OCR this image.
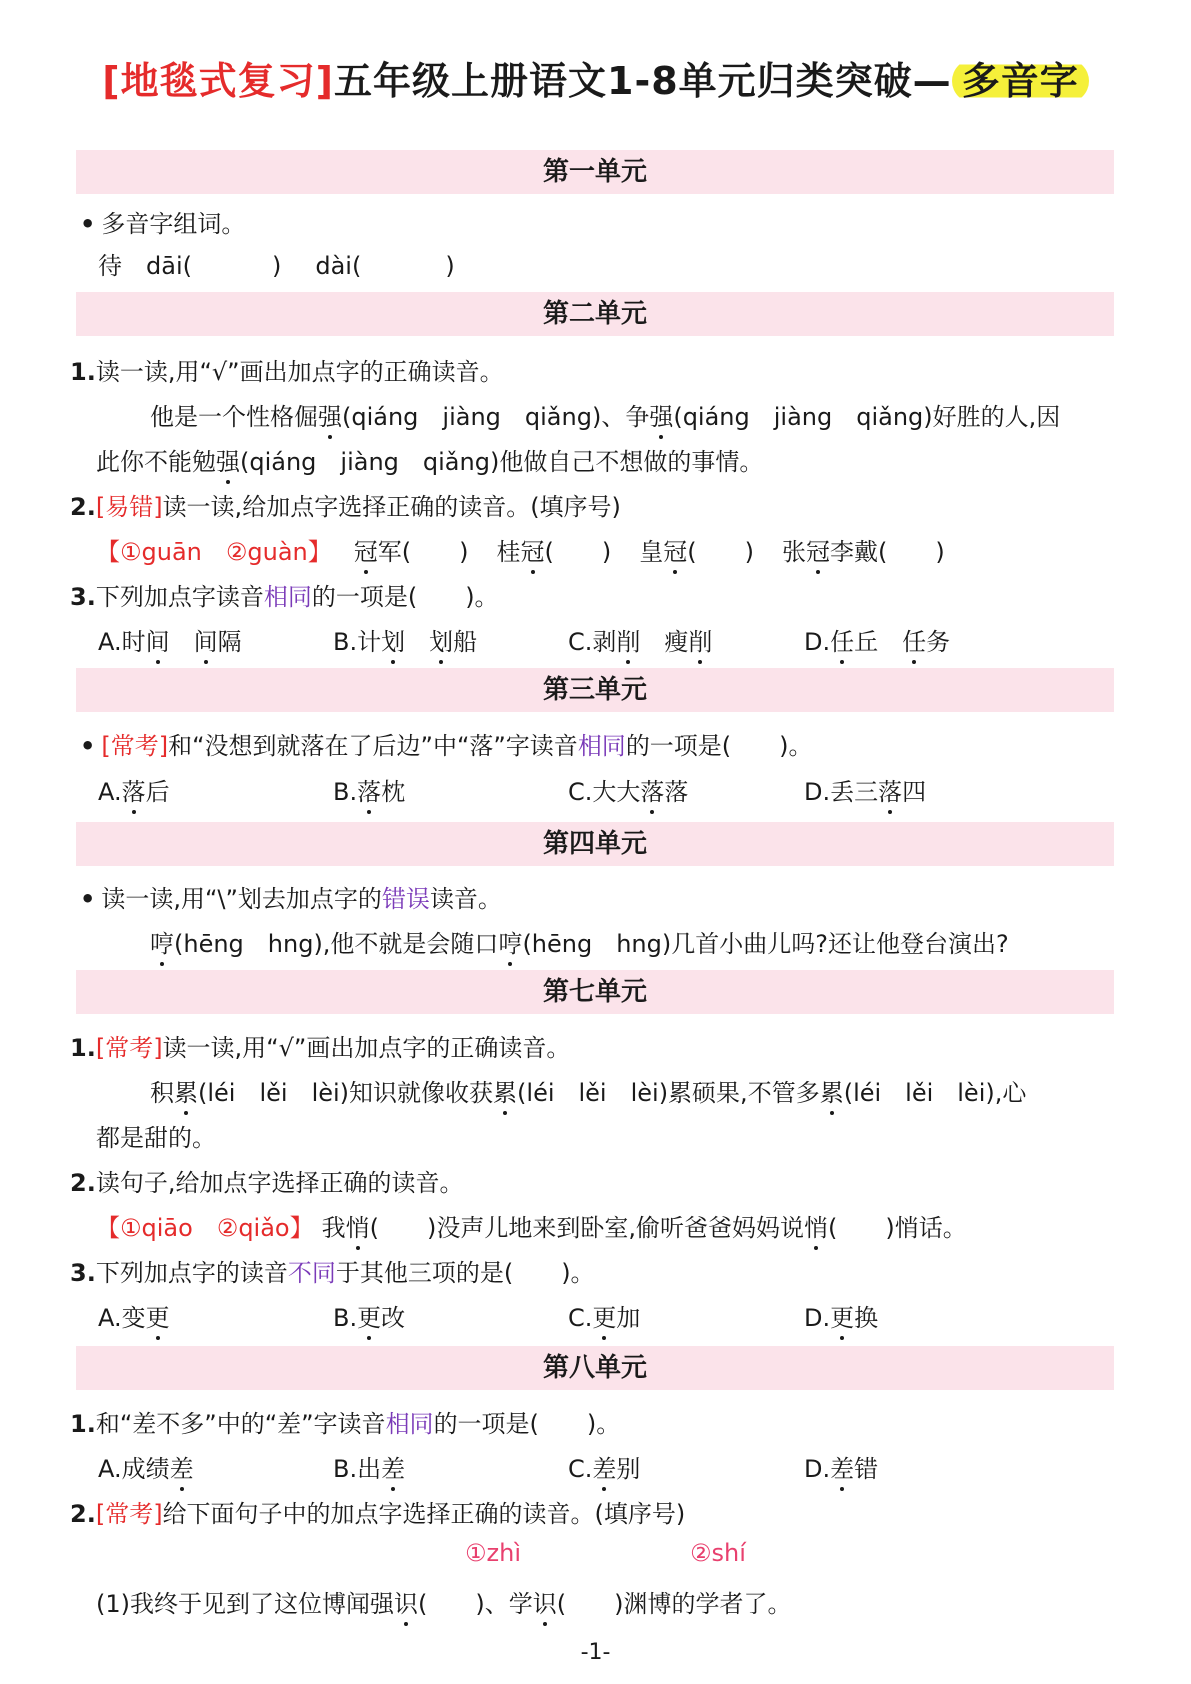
[地毯式复习]五年级上册语文1-8单元归类突破— 多音字
第一单元
• 多音字组词。
待　 dāi(	) dài(	)
第二单元
1.读一读,用“√”画出加点字的正确读音。
他是一个性格倔强(qiáng　jiàng　qiǎng)、争强(qiáng　jiàng　qiǎng)好胜的人,因
此你不能勉强(qiáng　jiàng　qiǎng)他做自己不想做的事情。
2.[易错]读一读,给加点字选择正确的读音。(填序号)
【①guān　②guàn】 冠军(　　) 桂冠(　　) 皇冠(　　) 张冠李戴(　　)
3.下列加点字读音相同的一项是(　　)。
A.时间 间隔	B.计划 划船	C.剥削 瘦削	D.任丘 任务
第三单元
• [常考]和“没想到就落在了后边”中“落”字读音相同的一项是(　　)。
A.落后	B.落枕	C.大大落落	D.丢三落四
第四单元
• 读一读,用“\”划去加点字的错误读音。
哼(hēng　hng),他不就是会随口哼(hēng　hng)几首小曲儿吗?还让他登台演出?
第七单元
1.[常考]读一读,用“√”画出加点字的正确读音。
积累(léi　lěi　lèi)知识就像收获累(léi　lěi　lèi)累硕果,不管多累(léi　lěi　lèi),心
都是甜的。
2.读句子,给加点字选择正确的读音。
【①qiāo　②qiǎo】 我悄(　　)没声儿地来到卧室,偷听爸爸妈妈说悄(　　)悄话。
3.下列加点字的读音不同于其他三项的是(　　)。
A.变更	B.更改	C.更加	D.更换
第八单元
1.和“差不多”中的“差”字读音相同的一项是(　　)。
A.成绩差	B.出差	C.差别	D.差错
2.[常考]给下面句子中的加点字选择正确的读音。(填序号)
①zhì	②shí
(1)我终于见到了这位博闻强识(　　)、学识(　　)渊博的学者了。
-1-
